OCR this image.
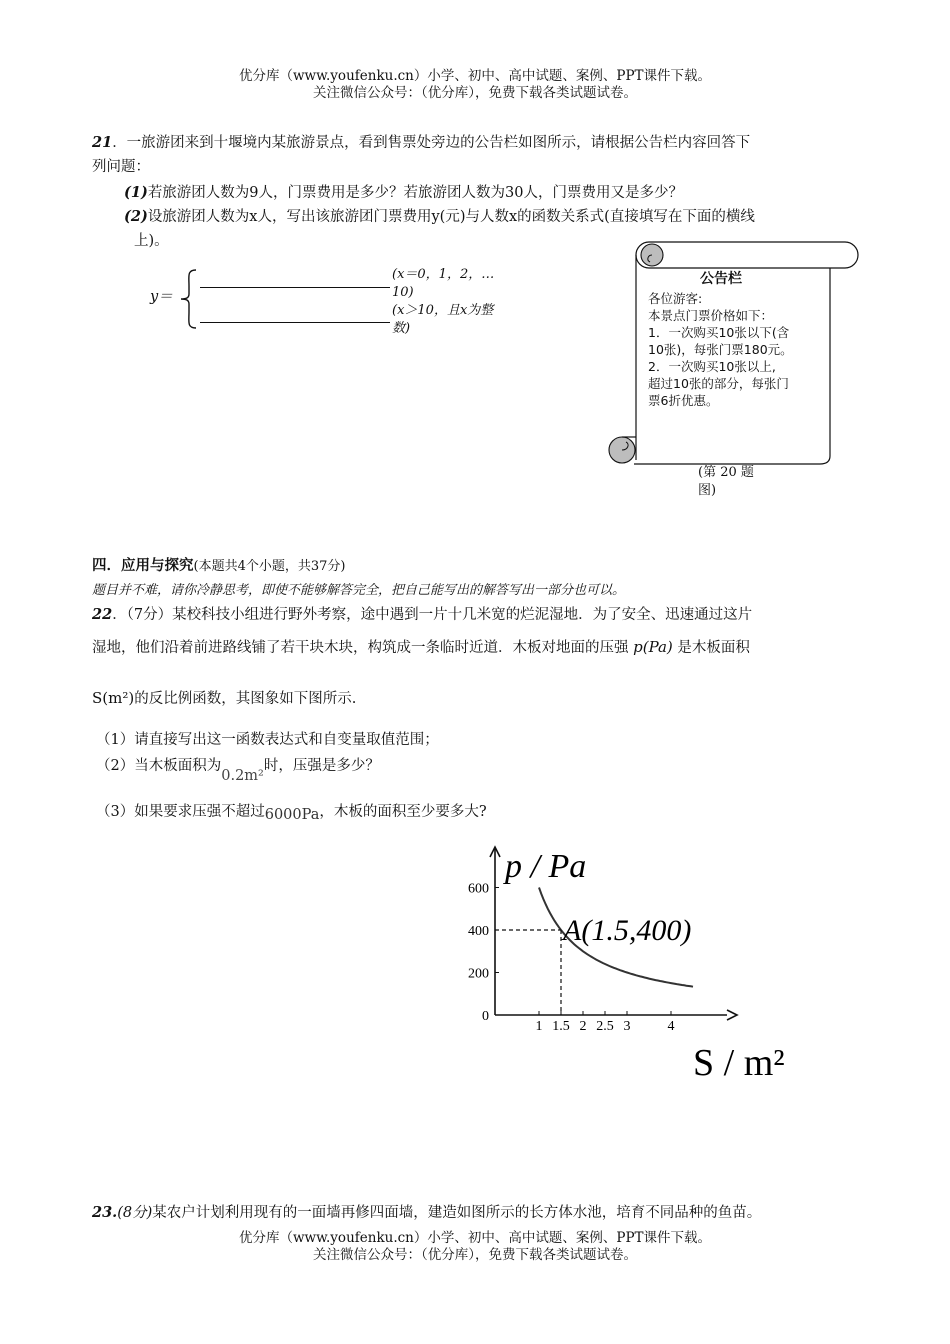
优分库（www.youfenku.cn）小学、初中、高中试题、案例、PPT课件下载。
关注微信公众号：（优分库），免费下载各类试题试卷。
21．一旅游团来到十堰境内某旅游景点，看到售票处旁边的公告栏如图所示，请根据公告栏内容回答下
列问题：
(1)若旅游团人数为9人，门票费用是多少？若旅游团人数为30人，门票费用又是多少？
(2)设旅游团人数为x人，写出该旅游团门票费用y(元)与人数x的函数关系式(直接填写在下面的横线
上)。
y＝
(x＝0，1，2，…
10)
(x＞10，且x为整
数)
公告栏
各位游客:
本景点门票价格如下：
1．一次购买10张以下(含
10张)，每张门票180元。
2．一次购买10张以上,
超过10张的部分，每张门
票6折优惠。
(第 20 题
图)
四．应用与探究(本题共4个小题，共37分)
题目并不难，请你冷静思考，即使不能够解答完全，把自己能写出的解答写出一部分也可以。
22．（7分）某校科技小组进行野外考察，途中遇到一片十几米宽的烂泥湿地．为了安全、迅速通过这片
湿地，他们沿着前进路线铺了若干块木块，构筑成一条临时近道．木板对地面的压强 p(Pa) 是木板面积
S(m²)的反比例函数，其图象如下图所示.
（1）请直接写出这一函数表达式和自变量取值范围；
（2）当木板面积为0.2m²时，压强是多少？
（3）如果要求压强不超过6000Pa，木板的面积至少要多大?
p / Pa
S / m²
600
400
200
0
1 1.5 2 2.5 3	4
A(1.5,400)
23.(8分)某农户计划利用现有的一面墙再修四面墙，建造如图所示的长方体水池，培育不同品种的鱼苗。
优分库（www.youfenku.cn）小学、初中、高中试题、案例、PPT课件下载。
关注微信公众号：（优分库），免费下载各类试题试卷。
